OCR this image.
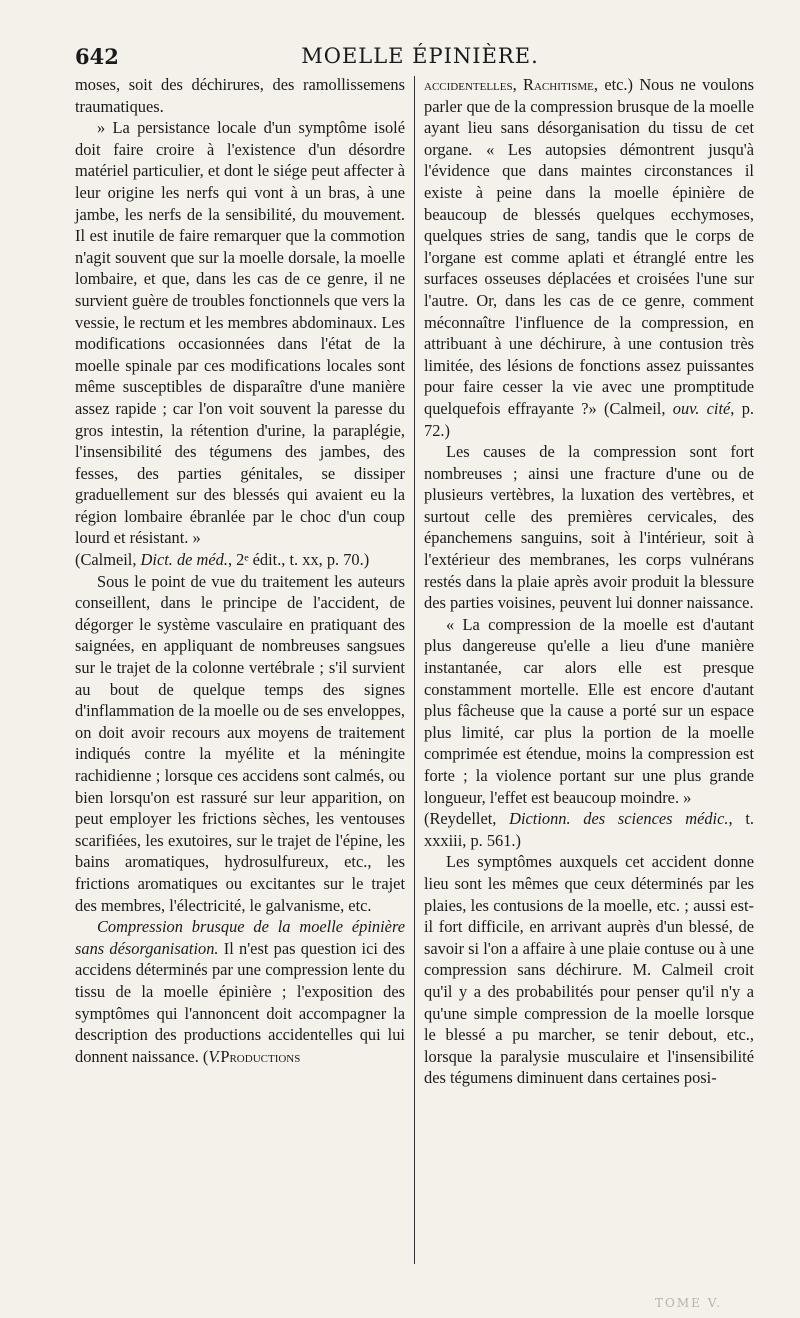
642	MOELLE ÉPINIÈRE.

moses, soit des déchirures, des ramollissemens traumatiques.

» La persistance locale d'un symptôme isolé doit faire croire à l'existence d'un désordre matériel particulier, et dont le siége peut affecter à leur origine les nerfs qui vont à un bras, à une jambe, les nerfs de la sensibilité, du mouvement. Il est inutile de faire remarquer que la commotion n'agit souvent que sur la moelle dorsale, la moelle lombaire, et que, dans les cas de ce genre, il ne survient guère de troubles fonctionnels que vers la vessie, le rectum et les membres abdominaux. Les modifications occasionnées dans l'état de la moelle spinale par ces modifications locales sont même susceptibles de disparaître d'une manière assez rapide ; car l'on voit souvent la paresse du gros intestin, la rétention d'urine, la paraplégie, l'insensibilité des tégumens des jambes, des fesses, des parties génitales, se dissiper graduellement sur des blessés qui avaient eu la région lombaire ébranlée par le choc d'un coup lourd et résistant. »

(Calmeil, Dict. de méd., 2ᵉ édit., t. xx, p. 70.)

Sous le point de vue du traitement les auteurs conseillent, dans le principe de l'accident, de dégorger le système vasculaire en pratiquant des saignées, en appliquant de nombreuses sangsues sur le trajet de la colonne vertébrale ; s'il survient au bout de quelque temps des signes d'inflammation de la moelle ou de ses enveloppes, on doit avoir recours aux moyens de traitement indiqués contre la myélite et la méningite rachidienne ; lorsque ces accidens sont calmés, ou bien lorsqu'on est rassuré sur leur apparition, on peut employer les frictions sèches, les ventouses scarifiées, les exutoires, sur le trajet de l'épine, les bains aromatiques, hydrosulfureux, etc., les frictions aromatiques ou excitantes sur le trajet des membres, l'électricité, le galvanisme, etc.

Compression brusque de la moelle épinière sans désorganisation. Il n'est pas question ici des accidens déterminés par une compression lente du tissu de la moelle épinière ; l'exposition des symptômes qui l'annoncent doit accompagner la description des productions accidentelles qui lui donnent naissance. (V.Productions

accidentelles, Rachitisme, etc.) Nous ne voulons parler que de la compression brusque de la moelle ayant lieu sans désorganisation du tissu de cet organe. « Les autopsies démontrent jusqu'à l'évidence que dans maintes circonstances il existe à peine dans la moelle épinière de beaucoup de blessés quelques ecchymoses, quelques stries de sang, tandis que le corps de l'organe est comme aplati et étranglé entre les surfaces osseuses déplacées et croisées l'une sur l'autre. Or, dans les cas de ce genre, comment méconnaître l'influence de la compression, en attribuant à une déchirure, à une contusion très limitée, des lésions de fonctions assez puissantes pour faire cesser la vie avec une promptitude quelquefois effrayante ?» (Calmeil, ouv. cité, p. 72.)

Les causes de la compression sont fort nombreuses ; ainsi une fracture d'une ou de plusieurs vertèbres, la luxation des vertèbres, et surtout celle des premières cervicales, des épanchemens sanguins, soit à l'intérieur, soit à l'extérieur des membranes, les corps vulnérans restés dans la plaie après avoir produit la blessure des parties voisines, peuvent lui donner naissance.

« La compression de la moelle est d'autant plus dangereuse qu'elle a lieu d'une manière instantanée, car alors elle est presque constamment mortelle. Elle est encore d'autant plus fâcheuse que la cause a porté sur un espace plus limité, car plus la portion de la moelle comprimée est étendue, moins la compression est forte ; la violence portant sur une plus grande longueur, l'effet est beaucoup moindre. »

(Reydellet, Dictionn. des sciences médic., t. xxxiii, p. 561.)

Les symptômes auxquels cet accident donne lieu sont les mêmes que ceux déterminés par les plaies, les contusions de la moelle, etc. ; aussi est-il fort difficile, en arrivant auprès d'un blessé, de savoir si l'on a affaire à une plaie contuse ou à une compression sans déchirure. M. Calmeil croit qu'il y a des probabilités pour penser qu'il n'y a qu'une simple compression de la moelle lorsque le blessé a pu marcher, se tenir debout, etc., lorsque la paralysie musculaire et l'insensibilité des tégumens diminuent dans certaines posi-

TOME V.
